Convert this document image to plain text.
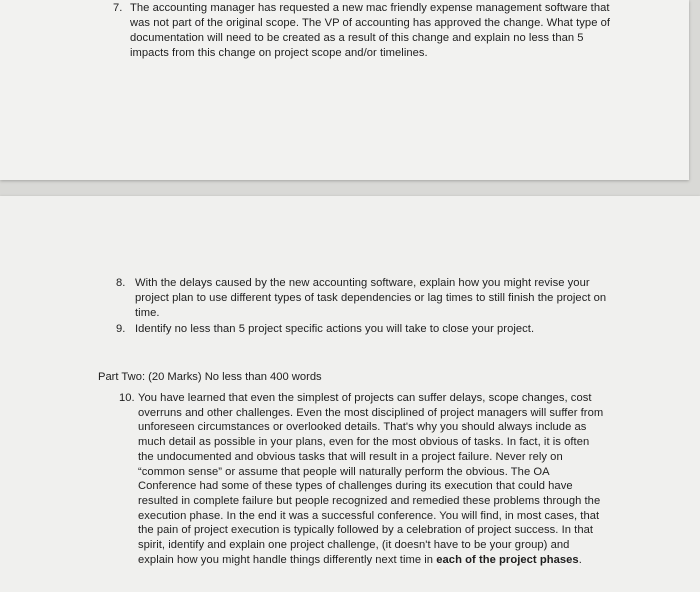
7. The accounting manager has requested a new mac friendly expense management software that was not part of the original scope. The VP of accounting has approved the change. What type of documentation will need to be created as a result of this change and explain no less than 5 impacts from this change on project scope and/or timelines.
8. With the delays caused by the new accounting software, explain how you might revise your project plan to use different types of task dependencies or lag times to still finish the project on time.
9. Identify no less than 5 project specific actions you will take to close your project.
Part Two: (20 Marks) No less than 400 words
10. You have learned that even the simplest of projects can suffer delays, scope changes, cost overruns and other challenges. Even the most disciplined of project managers will suffer from unforeseen circumstances or overlooked details. That's why you should always include as much detail as possible in your plans, even for the most obvious of tasks. In fact, it is often the undocumented and obvious tasks that will result in a project failure. Never rely on “common sense” or assume that people will naturally perform the obvious. The OA Conference had some of these types of challenges during its execution that could have resulted in complete failure but people recognized and remedied these problems through the execution phase. In the end it was a successful conference. You will find, in most cases, that the pain of project execution is typically followed by a celebration of project success. In that spirit, identify and explain one project challenge, (it doesn't have to be your group) and explain how you might handle things differently next time in each of the project phases.
